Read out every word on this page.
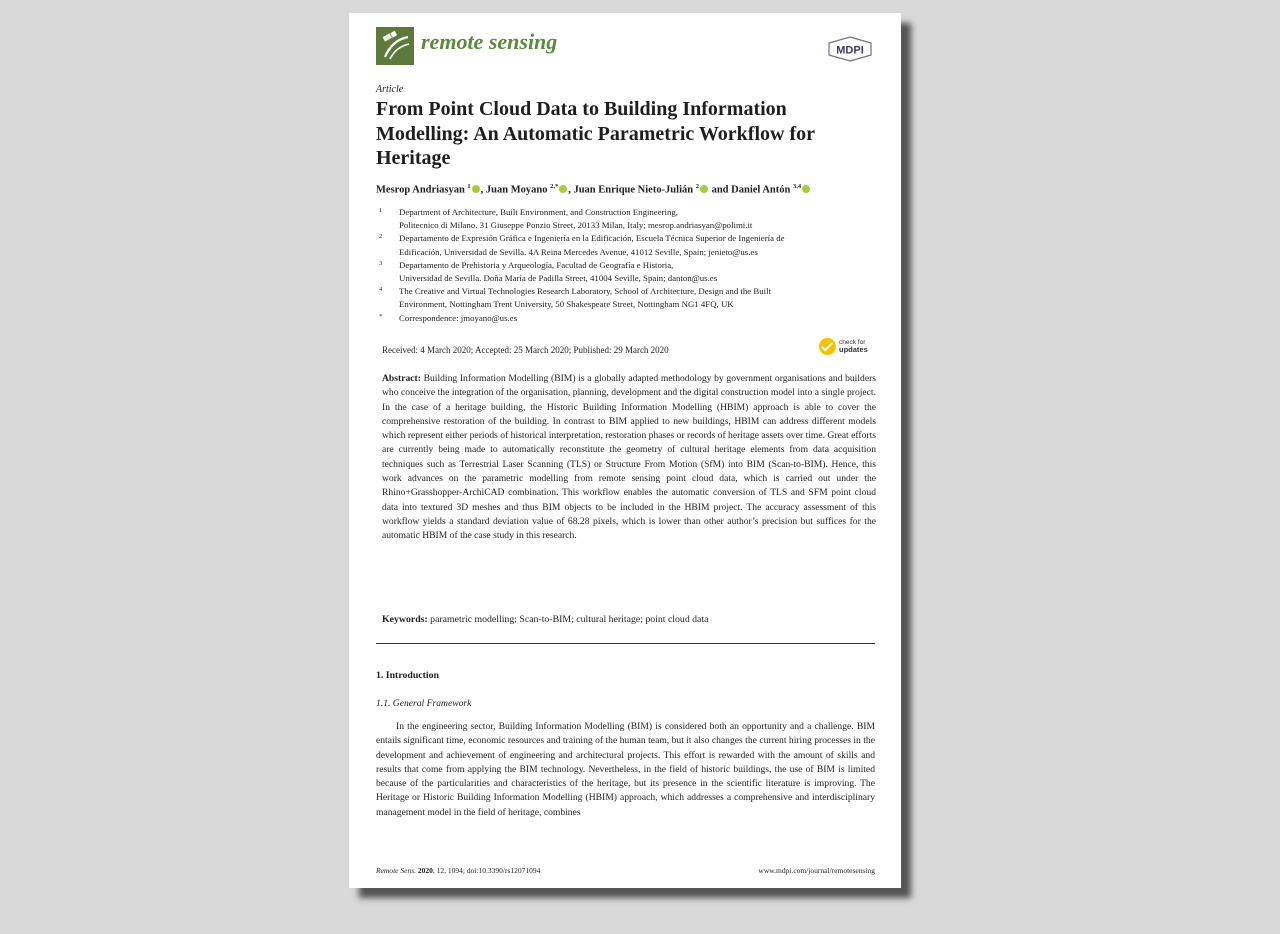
remote sensing	MDPI
Article
From Point Cloud Data to Building Information Modelling: An Automatic Parametric Workflow for Heritage
Mesrop Andriasyan $^1$ , Juan Moyano $^{2,*}$ , Juan Enrique Nieto-Julián $^2$ and Daniel Antón $^{3,4}$
1 Department of Architecture, Built Environment, and Construction Engineering,
Politecnico di Milano. 31 Giuseppe Ponzio Street, 20133 Milan, Italy; mesrop.andriasyan@polimi.it
2 Departamento de Expresión Gráfica e Ingeniería en la Edificación, Escuela Técnica Superior de Ingeniería de
Edificación, Universidad de Sevilla. 4A Reina Mercedes Avenue, 41012 Seville, Spain; jenieto@us.es
3 Departamento de Prehistoria y Arqueología, Facultad de Geografía e Historia,
Universidad de Sevilla. Doña María de Padilla Street, 41004 Seville, Spain; danton@us.es
4 The Creative and Virtual Technologies Research Laboratory, School of Architecture, Design and the Built
Environment, Nottingham Trent University, 50 Shakespeare Street, Nottingham NG1 4FQ, UK
* Correspondence: jmoyano@us.es
Received: 4 March 2020; Accepted: 25 March 2020; Published: 29 March 2020
check for
updates
Abstract: Building Information Modelling (BIM) is a globally adapted methodology by government organisations and builders who conceive the integration of the organisation, planning, development and the digital construction model into a single project. In the case of a heritage building, the Historic Building Information Modelling (HBIM) approach is able to cover the comprehensive restoration of the building. In contrast to BIM applied to new buildings, HBIM can address different models which represent either periods of historical interpretation, restoration phases or records of heritage assets over time. Great efforts are currently being made to automatically reconstitute the geometry of cultural heritage elements from data acquisition techniques such as Terrestrial Laser Scanning (TLS) or Structure From Motion (SfM) into BIM (Scan-to-BIM). Hence, this work advances on the parametric modelling from remote sensing point cloud data, which is carried out under the Rhino+Grasshopper-ArchiCAD combination. This workflow enables the automatic conversion of TLS and SFM point cloud data into textured 3D meshes and thus BIM objects to be included in the HBIM project. The accuracy assessment of this workflow yields a standard deviation value of 68.28 pixels, which is lower than other author’s precision but suffices for the automatic HBIM of the case study in this research.
Keywords: parametric modelling; Scan-to-BIM; cultural heritage; point cloud data
1. Introduction
1.1. General Framework

In the engineering sector, Building Information Modelling (BIM) is considered both an opportunity and a challenge. BIM entails significant time, economic resources and training of the human team, but it also changes the current hiring processes in the development and achievement of engineering and architectural projects. This effort is rewarded with the amount of skills and results that come from applying the BIM technology. Nevertheless, in the field of historic buildings, the use of BIM is limited because of the particularities and characteristics of the heritage, but its presence in the scientific literature is improving. The Heritage or Historic Building Information Modelling (HBIM) approach, which addresses a comprehensive and interdisciplinary management model in the field of heritage, combines

Remote Sens. 2020, 12, 1094; doi:10.3390/rs12071094	www.mdpi.com/journal/remotesensing
